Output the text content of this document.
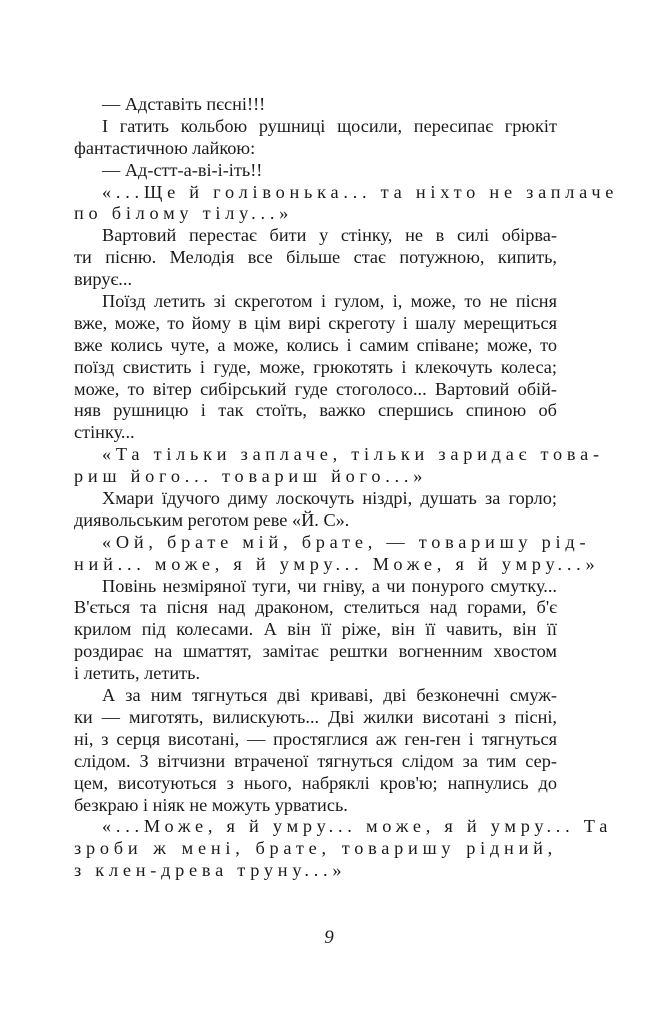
— Адставіть пєсні!!!
І гатить кольбою рушниці щосили, пересипає грюкіт
фантастичною лайкою:
— Ад-стт-а-ві-і-іть!!
«...Ще й голівонька... та ніхто не заплаче
по білому тілу...»
Вартовий перестає бити у стінку, не в силі обірва-
ти пісню. Мелодія все більше стає потужною, кипить,
вирує...
Поїзд летить зі скреготом і гулом, і, може, то не пісня
вже, може, то йому в цім вирі скреготу і шалу мерещиться
вже колись чуте, а може, колись і самим співане; може, то
поїзд свистить і гуде, може, грюкотять і клекочуть колеса;
може, то вітер сибірський гуде стоголосо... Вартовий обій-
няв рушницю і так стоїть, важко спершись спиною об
стінку...
«Та тільки заплаче, тільки заридає това-
риш його... товариш його...»
Хмари їдучого диму лоскочуть ніздрі, душать за горло;
диявольським реготом реве «Й. С».
«Ой, брате мій, брате, — товаришу рід-
ний... може, я й умру... Може, я й умру...»
Повінь незміряної туги, чи гніву, а чи понурого смутку...
В'ється та пісня над драконом, стелиться над горами, б'є
крилом під колесами. А він її ріже, він її чавить, він її
роздирає на шматтят, замітає рештки вогненним хвостом
і летить, летить.
А за ним тягнуться дві криваві, дві безконечні смуж-
ки — миготять, вилискують... Дві жилки висотані з пісні,
ні, з серця висотані, — простяглися аж ген-ген і тягнуться
слідом. З вітчизни втраченої тягнуться слідом за тим сер-
цем, висотуються з нього, набряклі кров'ю; напнулись до
безкраю і ніяк не можуть урватись.
«...Може, я й умру... може, я й умру... Та
зроби ж мені, брате, товаришу рідний,
з клен-древа труну...»
9
